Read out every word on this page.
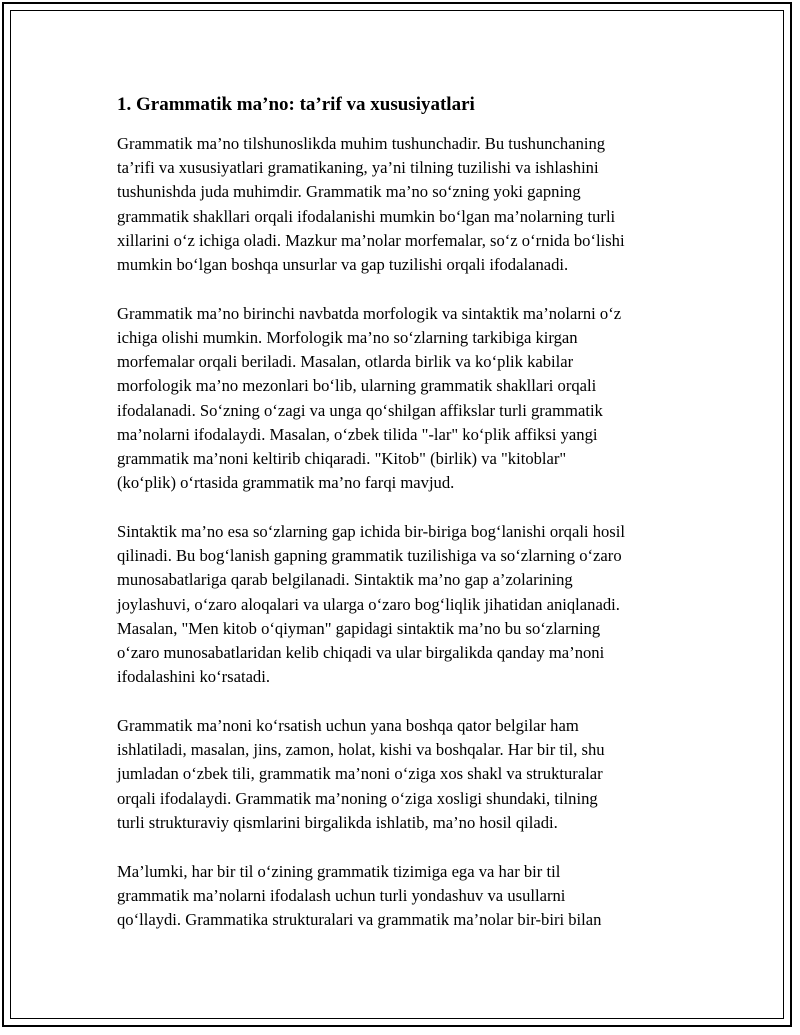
1. Grammatik ma’no: ta’rif va xususiyatlari
Grammatik ma’no tilshunoslikda muhim tushunchadir. Bu tushunchaning
ta’rifi va xususiyatlari gramatikaning, ya’ni tilning tuzilishi va ishlashini
tushunishda juda muhimdir. Grammatik ma’no so‘zning yoki gapning
grammatik shakllari orqali ifodalanishi mumkin bo‘lgan ma’nolarning turli
xillarini o‘z ichiga oladi. Mazkur ma’nolar morfemalar, so‘z o‘rnida bo‘lishi
mumkin bo‘lgan boshqa unsurlar va gap tuzilishi orqali ifodalanadi.
Grammatik ma’no birinchi navbatda morfologik va sintaktik ma’nolarni o‘z
ichiga olishi mumkin. Morfologik ma’no so‘zlarning tarkibiga kirgan
morfemalar orqali beriladi. Masalan, otlarda birlik va ko‘plik kabilar
morfologik ma’no mezonlari bo‘lib, ularning grammatik shakllari orqali
ifodalanadi. So‘zning o‘zagi va unga qo‘shilgan affikslar turli grammatik
ma’nolarni ifodalaydi. Masalan, o‘zbek tilida "-lar" ko‘plik affiksi yangi
grammatik ma’noni keltirib chiqaradi. "Kitob" (birlik) va "kitoblar"
(ko‘plik) o‘rtasida grammatik ma’no farqi mavjud.
Sintaktik ma’no esa so‘zlarning gap ichida bir-biriga bog‘lanishi orqali hosil
qilinadi. Bu bog‘lanish gapning grammatik tuzilishiga va so‘zlarning o‘zaro
munosabatlariga qarab belgilanadi. Sintaktik ma’no gap a’zolarining
joylashuvi, o‘zaro aloqalari va ularga o‘zaro bog‘liqlik jihatidan aniqlanadi.
Masalan, "Men kitob o‘qiyman" gapidagi sintaktik ma’no bu so‘zlarning
o‘zaro munosabatlaridan kelib chiqadi va ular birgalikda qanday ma’noni
ifodalashini ko‘rsatadi.
Grammatik ma’noni ko‘rsatish uchun yana boshqa qator belgilar ham
ishlatiladi, masalan, jins, zamon, holat, kishi va boshqalar. Har bir til, shu
jumladan o‘zbek tili, grammatik ma’noni o‘ziga xos shakl va strukturalar
orqali ifodalaydi. Grammatik ma’noning o‘ziga xosligi shundaki, tilning
turli strukturaviy qismlarini birgalikda ishlatib, ma’no hosil qiladi.
Ma’lumki, har bir til o‘zining grammatik tizimiga ega va har bir til
grammatik ma’nolarni ifodalash uchun turli yondashuv va usullarni
qo‘llaydi. Grammatika strukturalari va grammatik ma’nolar bir-biri bilan
